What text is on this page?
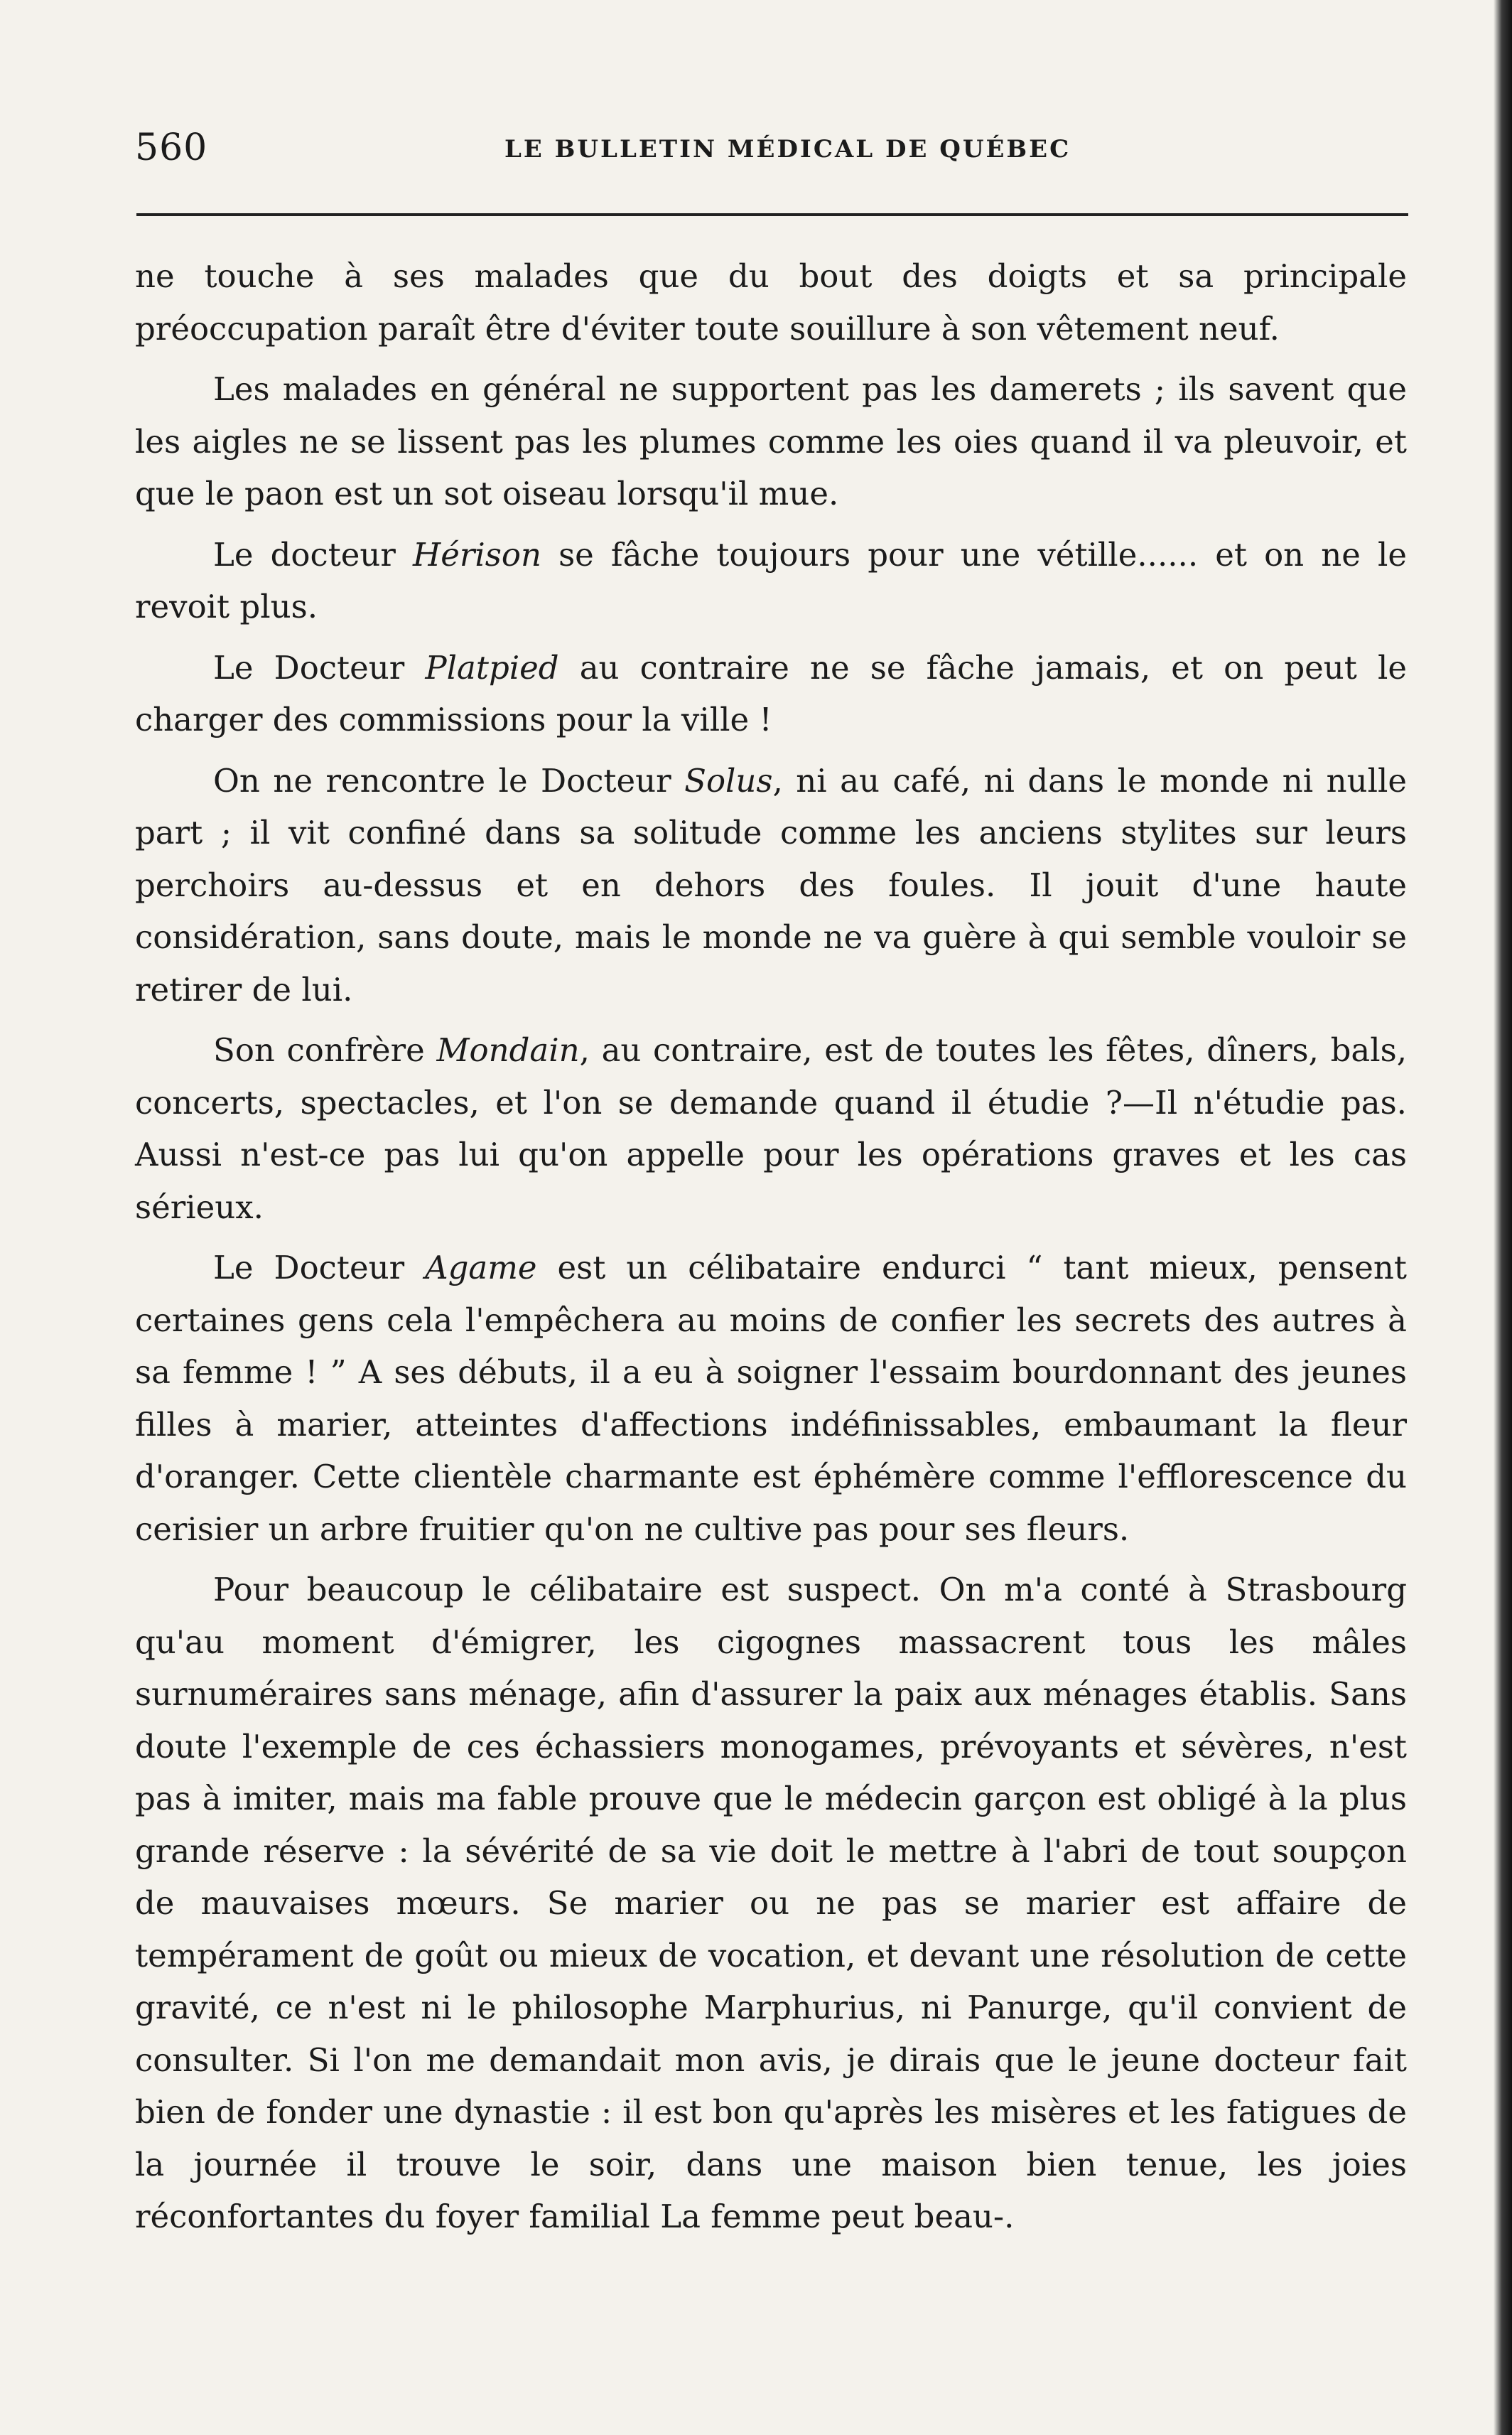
560	LE BULLETIN MÉDICAL DE QUÉBEC

ne touche à ses malades que du bout des doigts et sa principale préoccupation paraît être d'éviter toute souillure à son vêtement neuf.

Les malades en général ne supportent pas les damerets ; ils savent que les aigles ne se lissent pas les plumes comme les oies quand il va pleuvoir, et que le paon est un sot oiseau lorsqu'il mue.

Le docteur Hérison se fâche toujours pour une vétille...... et on ne le revoit plus.

Le Docteur Platpied au contraire ne se fâche jamais, et on peut le charger des commissions pour la ville !

On ne rencontre le Docteur Solus, ni au café, ni dans le monde ni nulle part ; il vit confiné dans sa solitude comme les anciens stylites sur leurs perchoirs au-dessus et en dehors des foules. Il jouit d'une haute considération, sans doute, mais le monde ne va guère à qui semble vouloir se retirer de lui.

Son confrère Mondain, au contraire, est de toutes les fêtes, dîners, bals, concerts, spectacles, et l'on se demande quand il étudie ?—Il n'étudie pas. Aussi n'est-ce pas lui qu'on appelle pour les opérations graves et les cas sérieux.

Le Docteur Agame est un célibataire endurci “ tant mieux, pensent certaines gens cela l'empêchera au moins de confier les secrets des autres à sa femme ! ” A ses débuts, il a eu à soigner l'essaim bourdonnant des jeunes filles à marier, atteintes d'affections indéfinissables, embaumant la fleur d'oranger. Cette clientèle charmante est éphémère comme l'efflorescence du cerisier un arbre fruitier qu'on ne cultive pas pour ses fleurs.

Pour beaucoup le célibataire est suspect. On m'a conté à Strasbourg qu'au moment d'émigrer, les cigognes massacrent tous les mâles surnuméraires sans ménage, afin d'assurer la paix aux ménages établis. Sans doute l'exemple de ces échassiers monogames, prévoyants et sévères, n'est pas à imiter, mais ma fable prouve que le médecin garçon est obligé à la plus grande réserve : la sévérité de sa vie doit le mettre à l'abri de tout soupçon de mauvaises mœurs. Se marier ou ne pas se marier est affaire de tempérament de goût ou mieux de vocation, et devant une résolution de cette gravité, ce n'est ni le philosophe Marphurius, ni Panurge, qu'il convient de consulter. Si l'on me demandait mon avis, je dirais que le jeune docteur fait bien de fonder une dynastie : il est bon qu'après les misères et les fatigues de la journée il trouve le soir, dans une maison bien tenue, les joies réconfortantes du foyer familial La femme peut beau-.
